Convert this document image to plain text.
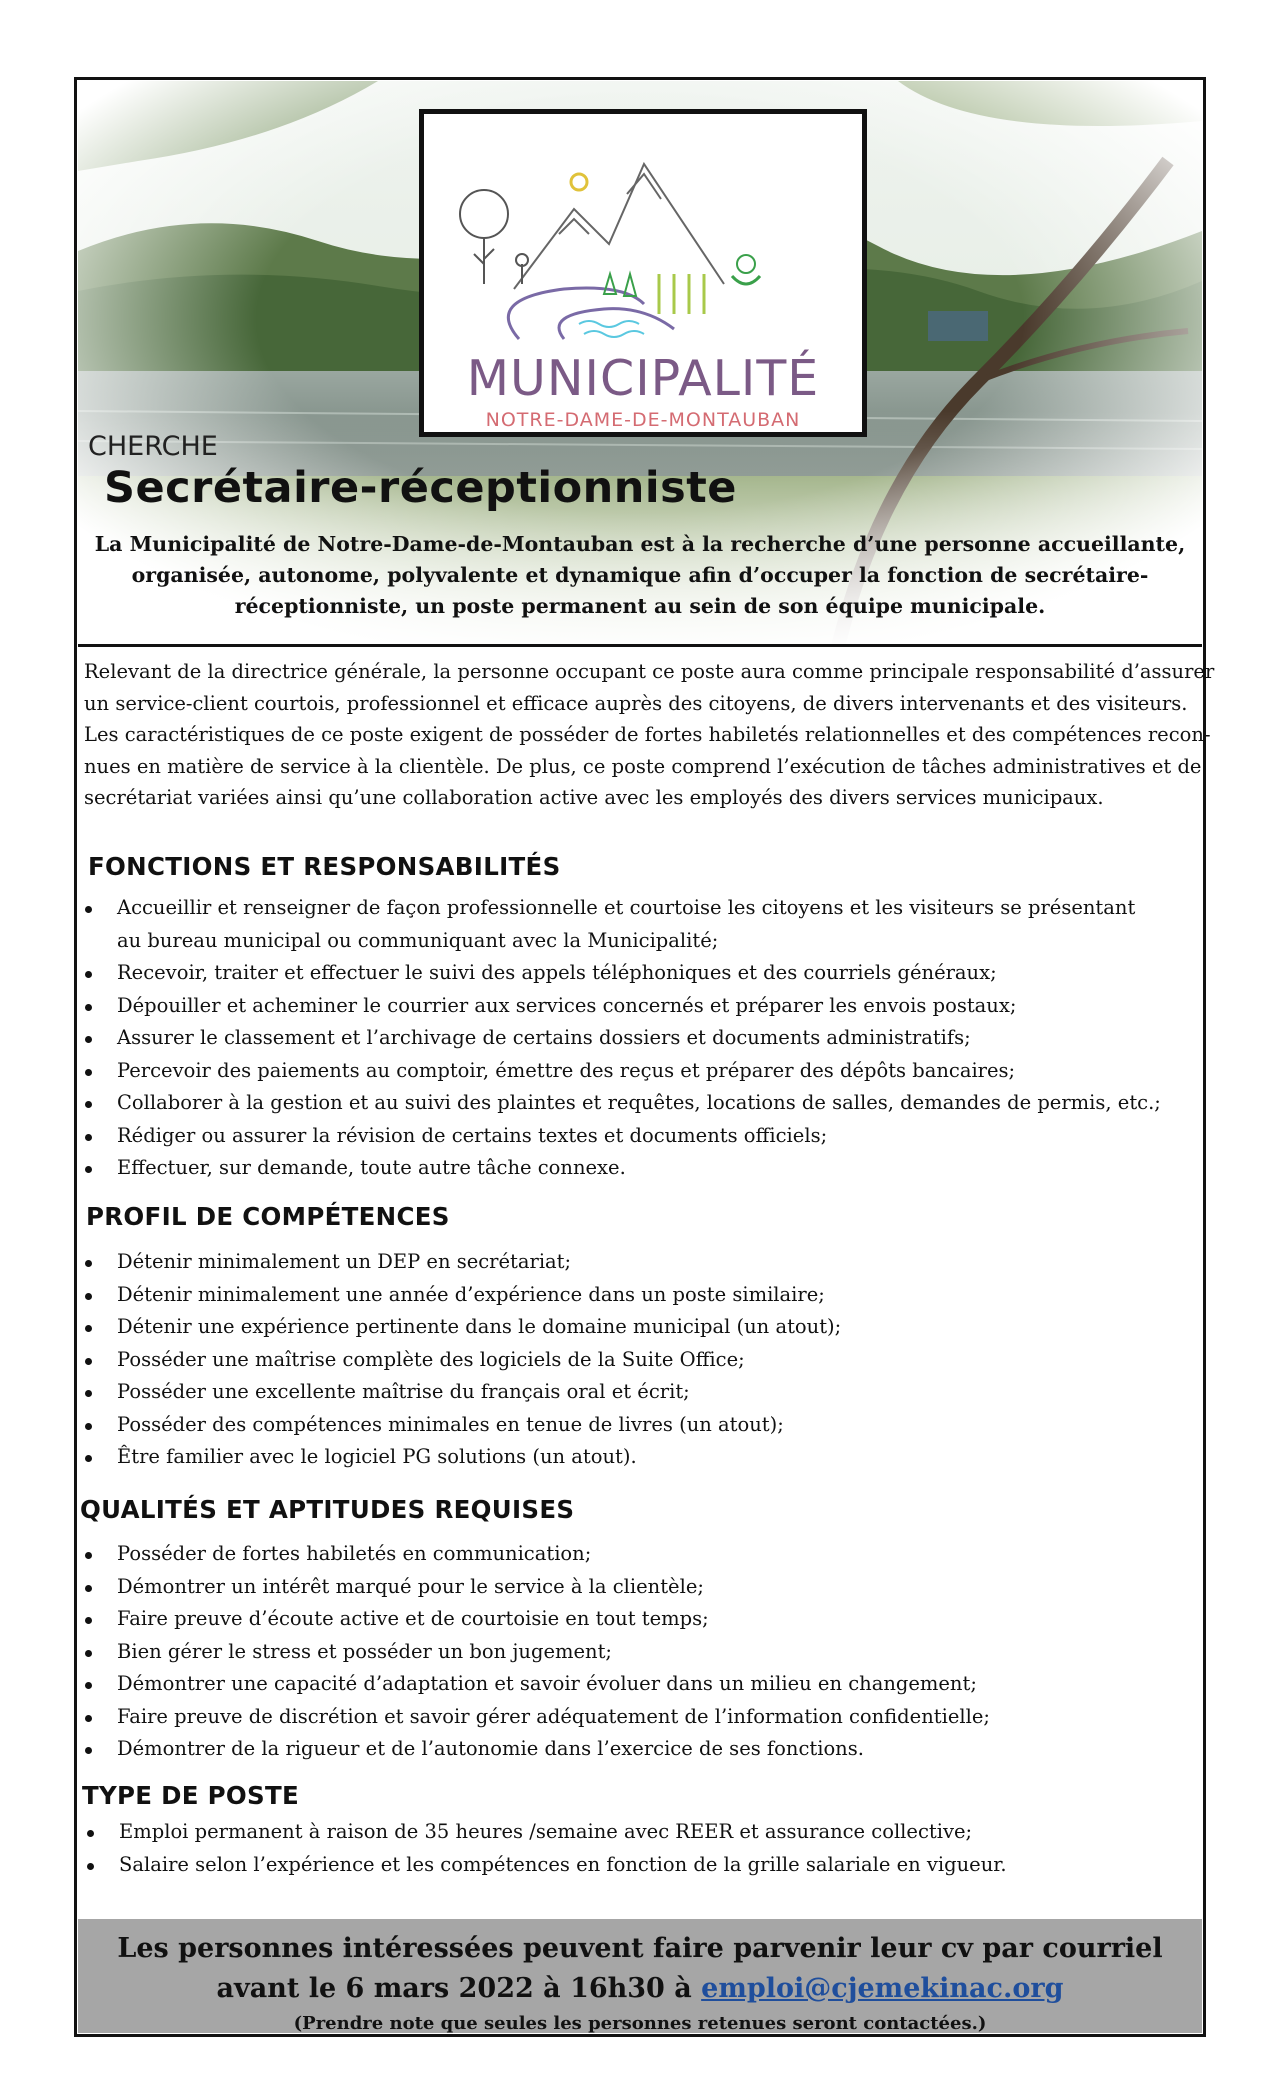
MUNICIPALITÉ
NOTRE-DAME-DE-MONTAUBAN
CHERCHE
Secrétaire-réceptionniste
La Municipalité de Notre-Dame-de-Montauban est à la recherche d’une personne accueillante,
organisée, autonome, polyvalente et dynamique afin d’occuper la fonction de secrétaire-
réceptionniste, un poste permanent au sein de son équipe municipale.
Relevant de la directrice générale, la personne occupant ce poste aura comme principale responsabilité d’assurer
un service-client courtois, professionnel et efficace auprès des citoyens, de divers intervenants et des visiteurs.
Les caractéristiques de ce poste exigent de posséder de fortes habiletés relationnelles et des compétences recon-
nues en matière de service à la clientèle. De plus, ce poste comprend l’exécution de tâches administratives et de
secrétariat variées ainsi qu’une collaboration active avec les employés des divers services municipaux.
FONCTIONS ET RESPONSABILITÉS
Accueillir et renseigner de façon professionnelle et courtoise les citoyens et les visiteurs se présentant
au bureau municipal ou communiquant avec la Municipalité;
Recevoir, traiter et effectuer le suivi des appels téléphoniques et des courriels généraux;
Dépouiller et acheminer le courrier aux services concernés et préparer les envois postaux;
Assurer le classement et l’archivage de certains dossiers et documents administratifs;
Percevoir des paiements au comptoir, émettre des reçus et préparer des dépôts bancaires;
Collaborer à la gestion et au suivi des plaintes et requêtes, locations de salles, demandes de permis, etc.;
Rédiger ou assurer la révision de certains textes et documents officiels;
Effectuer, sur demande, toute autre tâche connexe.
PROFIL DE COMPÉTENCES
Détenir minimalement un DEP en secrétariat;
Détenir minimalement une année d’expérience dans un poste similaire;
Détenir une expérience pertinente dans le domaine municipal (un atout);
Posséder une maîtrise complète des logiciels de la Suite Office;
Posséder une excellente maîtrise du français oral et écrit;
Posséder des compétences minimales en tenue de livres (un atout);
Être familier avec le logiciel PG solutions (un atout).
QUALITÉS ET APTITUDES REQUISES
Posséder de fortes habiletés en communication;
Démontrer un intérêt marqué pour le service à la clientèle;
Faire preuve d’écoute active et de courtoisie en tout temps;
Bien gérer le stress et posséder un bon jugement;
Démontrer une capacité d’adaptation et savoir évoluer dans un milieu en changement;
Faire preuve de discrétion et savoir gérer adéquatement de l’information confidentielle;
Démontrer de la rigueur et de l’autonomie dans l’exercice de ses fonctions.
TYPE DE POSTE
Emploi permanent à raison de 35 heures /semaine avec REER et assurance collective;
Salaire selon l’expérience et les compétences en fonction de la grille salariale en vigueur.
Les personnes intéressées peuvent faire parvenir leur cv par courriel
avant le 6 mars 2022 à 16h30 à emploi@cjemekinac.org
(Prendre note que seules les personnes retenues seront contactées.)
